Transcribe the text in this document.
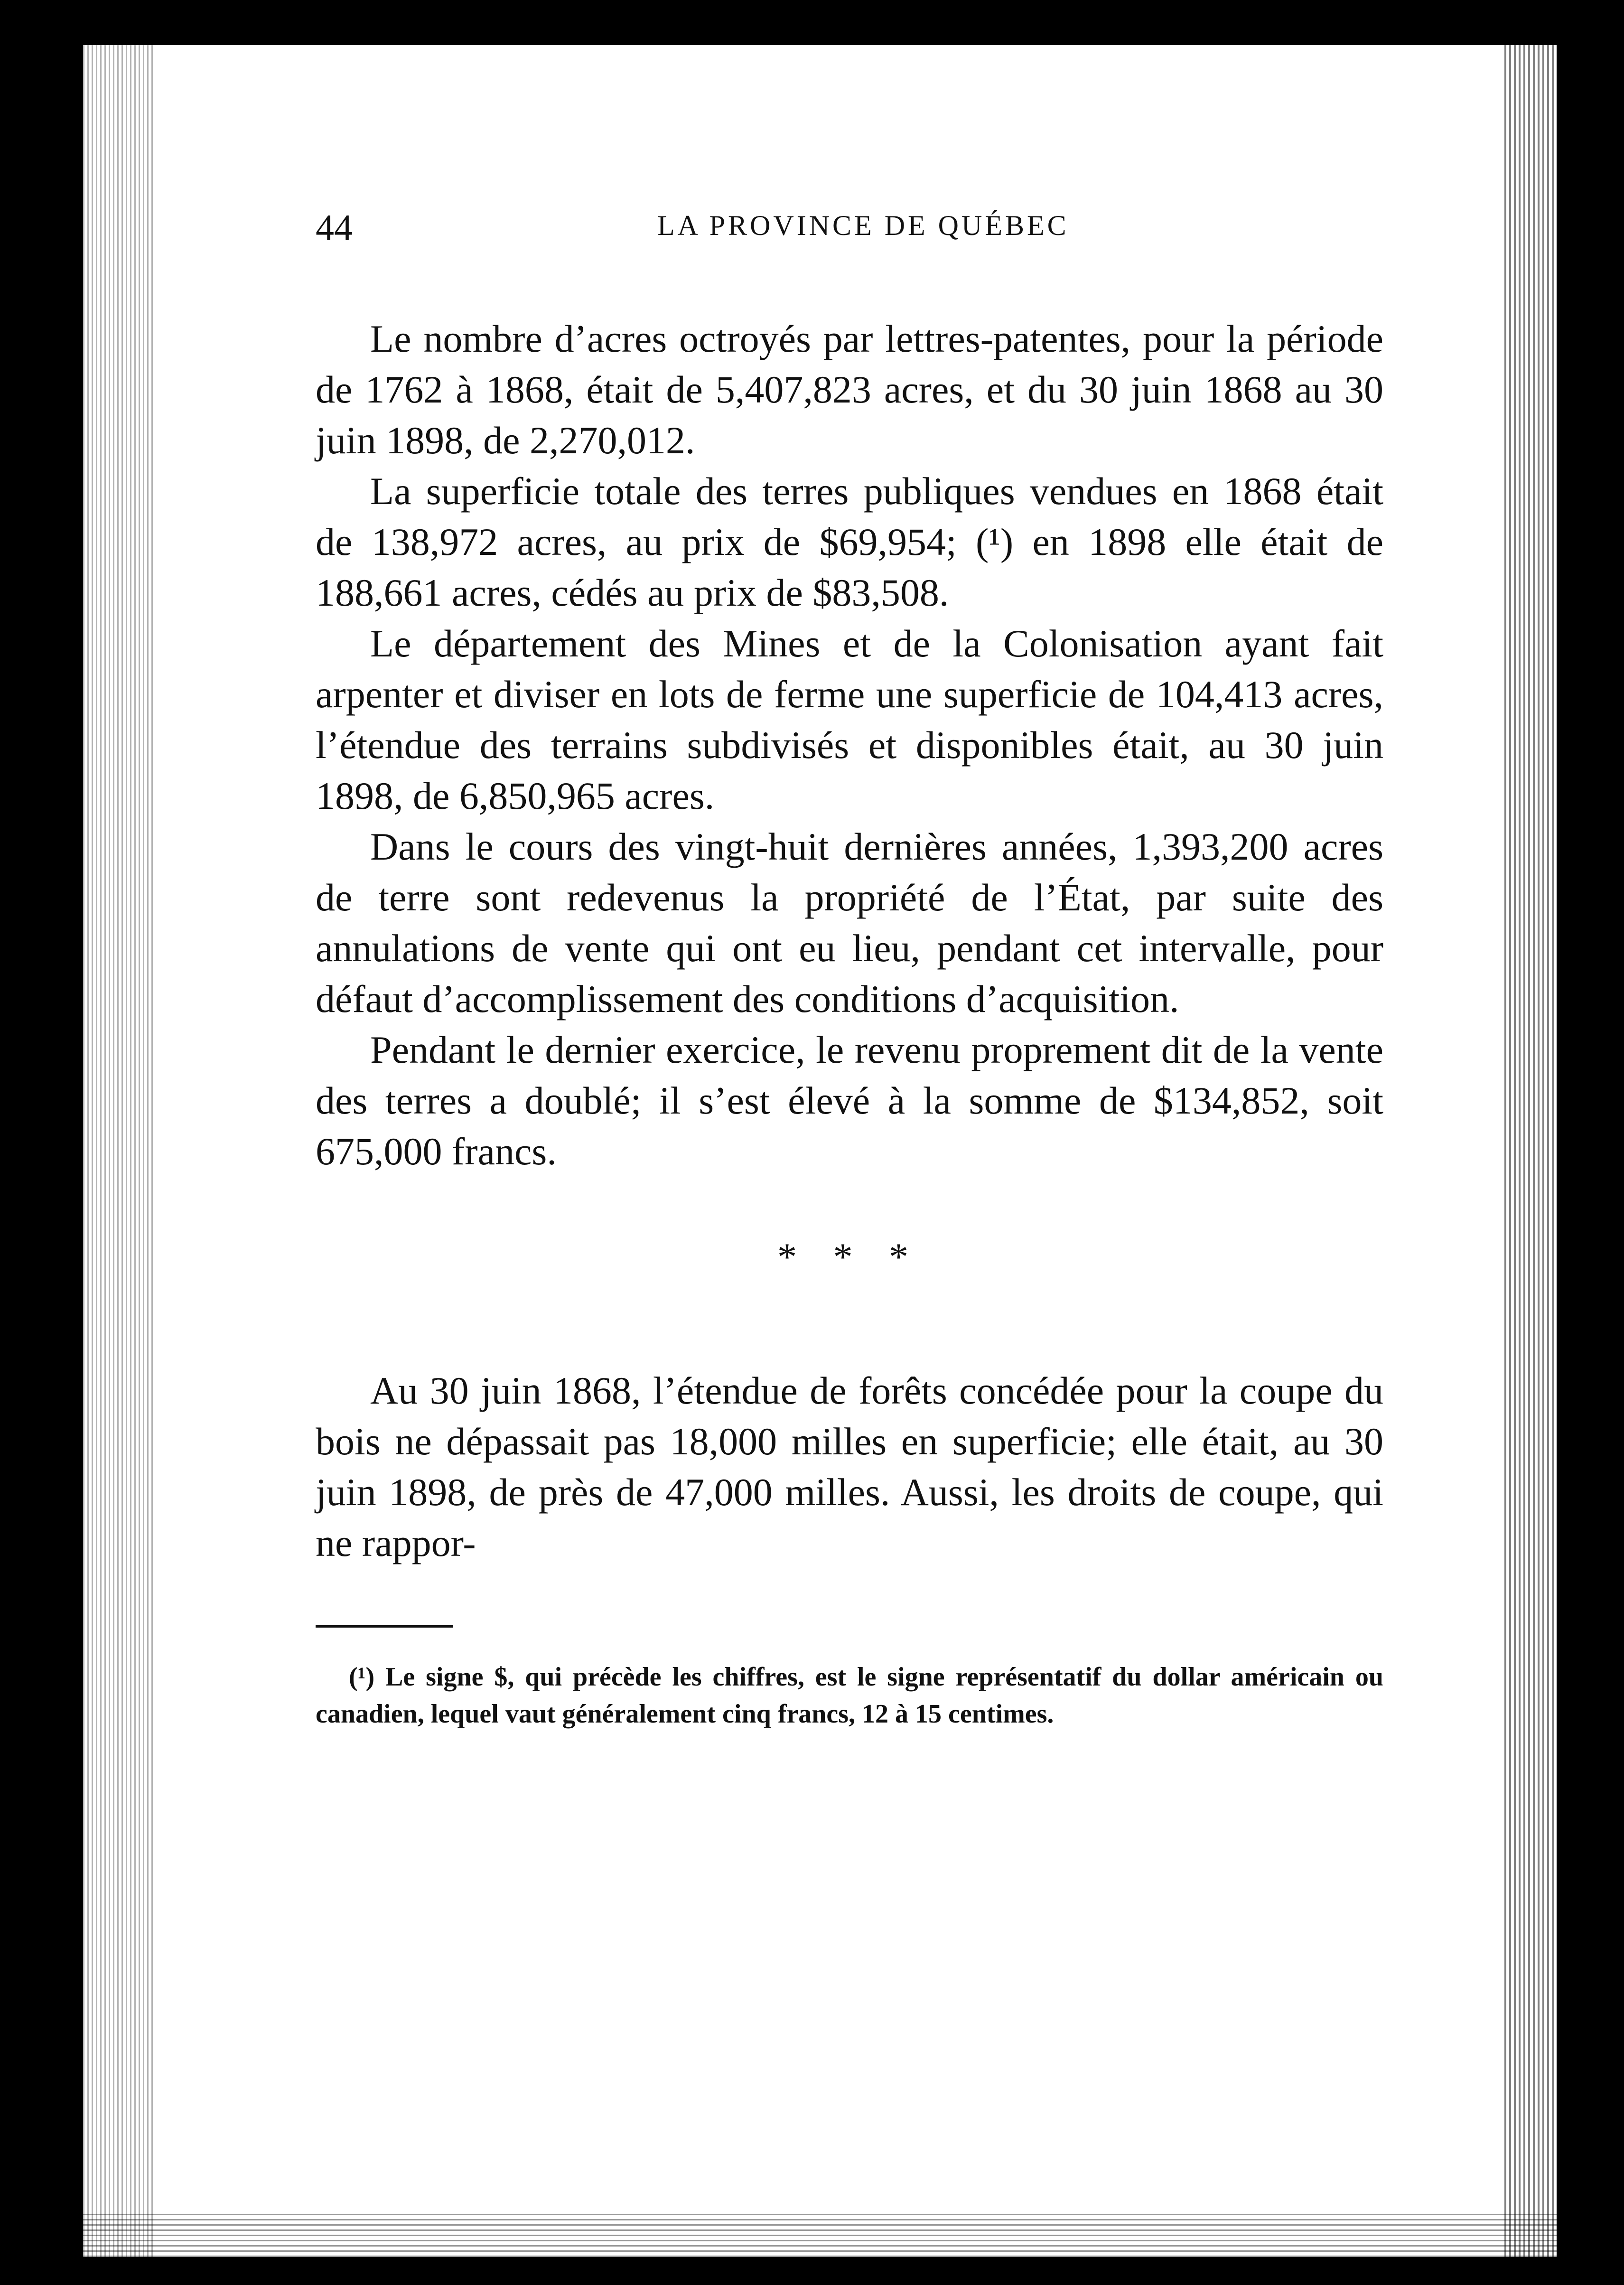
44	LA PROVINCE DE QUÉBEC

Le nombre d’acres octroyés par lettres-patentes, pour la période de 1762 à 1868, était de 5,407,823 acres, et du 30 juin 1868 au 30 juin 1898, de 2,270,012.

La superficie totale des terres publiques vendues en 1868 était de 138,972 acres, au prix de $69,954; (¹) en 1898 elle était de 188,661 acres, cédés au prix de $83,508.

Le département des Mines et de la Colonisation ayant fait arpenter et diviser en lots de ferme une superficie de 104,413 acres, l’étendue des terrains subdivisés et disponibles était, au 30 juin 1898, de 6,850,965 acres.

Dans le cours des vingt-huit dernières années, 1,393,200 acres de terre sont redevenus la propriété de l’État, par suite des annulations de vente qui ont eu lieu, pendant cet intervalle, pour défaut d’accomplissement des conditions d’acquisition.

Pendant le dernier exercice, le revenu proprement dit de la vente des terres a doublé; il s’est élevé à la somme de $134,852, soit 675,000 francs.

* * *

Au 30 juin 1868, l’étendue de forêts concédée pour la coupe du bois ne dépassait pas 18,000 milles en superficie; elle était, au 30 juin 1898, de près de 47,000 milles. Aussi, les droits de coupe, qui ne rappor-

(¹) Le signe $, qui précède les chiffres, est le signe représentatif du dollar américain ou canadien, lequel vaut généralement cinq francs, 12 à 15 centimes.
